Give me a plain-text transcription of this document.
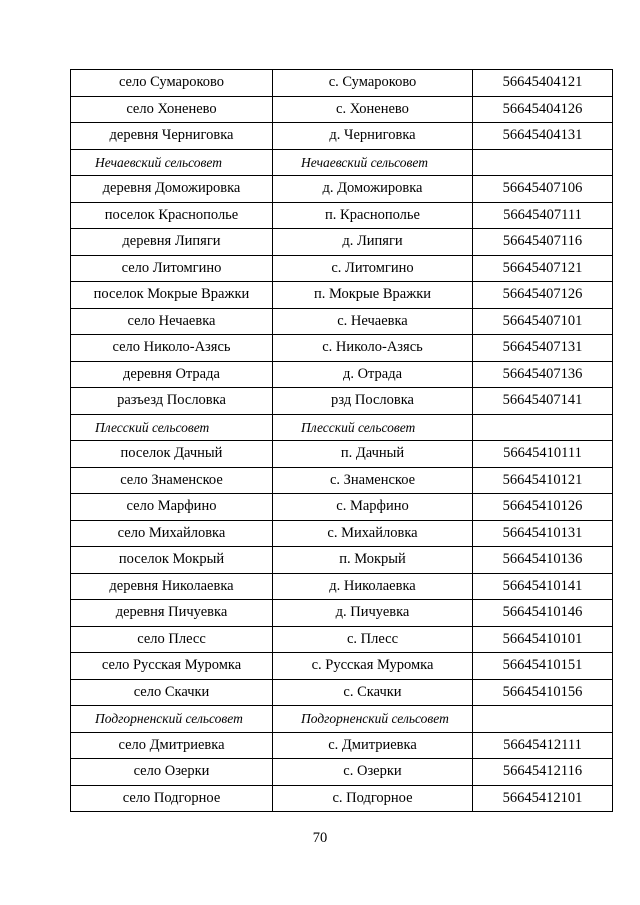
село Сумароково	с. Сумароково	56645404121
село Хоненево	с. Хоненево	56645404126
деревня Черниговка	д. Черниговка	56645404131
Нечаевский сельсовет	Нечаевский сельсовет	
деревня Доможировка	д. Доможировка	56645407106
поселок Краснополье	п. Краснополье	56645407111
деревня Липяги	д. Липяги	56645407116
село Литомгино	с. Литомгино	56645407121
поселок Мокрые Вражки	п. Мокрые Вражки	56645407126
село Нечаевка	с. Нечаевка	56645407101
село Николо-Азясь	с. Николо-Азясь	56645407131
деревня Отрада	д. Отрада	56645407136
разъезд Пословка	рзд Пословка	56645407141
Плесский сельсовет	Плесский сельсовет	
поселок Дачный	п. Дачный	56645410111
село Знаменское	с. Знаменское	56645410121
село Марфино	с. Марфино	56645410126
село Михайловка	с. Михайловка	56645410131
поселок Мокрый	п. Мокрый	56645410136
деревня Николаевка	д. Николаевка	56645410141
деревня Пичуевка	д. Пичуевка	56645410146
село Плесс	с. Плесс	56645410101
село Русская Муромка	с. Русская Муромка	56645410151
село Скачки	с. Скачки	56645410156
Подгорненский сельсовет	Подгорненский сельсовет	
село Дмитриевка	с. Дмитриевка	56645412111
село Озерки	с. Озерки	56645412116
село Подгорное	с. Подгорное	56645412101
70
